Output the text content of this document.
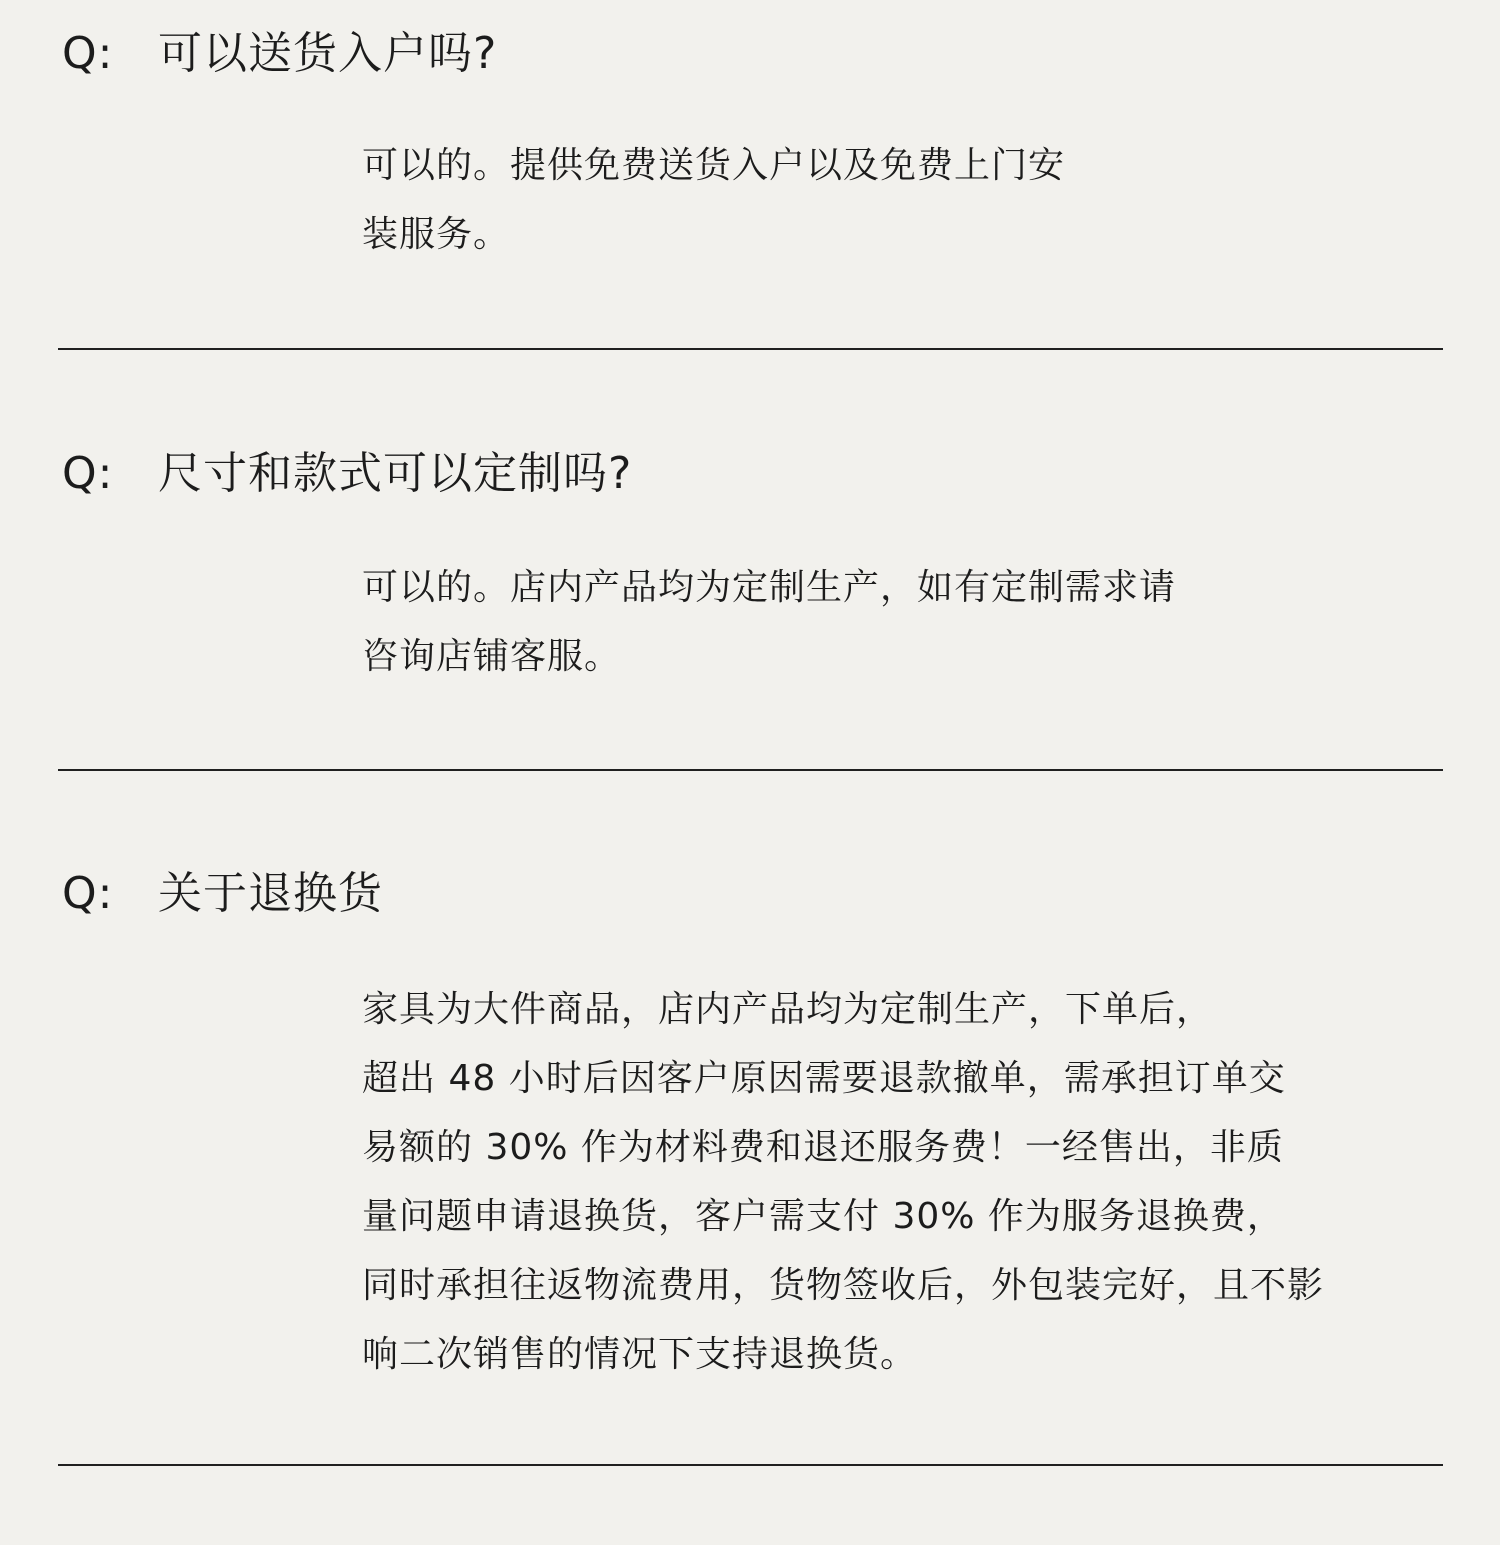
Q: 可以送货入户吗?
可以的。提供免费送货入户以及免费上门安
装服务。
Q: 尺寸和款式可以定制吗?
可以的。店内产品均为定制生产，如有定制需求请
咨询店铺客服。
Q: 关于退换货
家具为大件商品，店内产品均为定制生产，下单后，
超出 48 小时后因客户原因需要退款撤单，需承担订单交
易额的 30% 作为材料费和退还服务费！一经售出，非质
量问题申请退换货，客户需支付 30% 作为服务退换费，
同时承担往返物流费用，货物签收后，外包装完好，且不影
响二次销售的情况下支持退换货。
